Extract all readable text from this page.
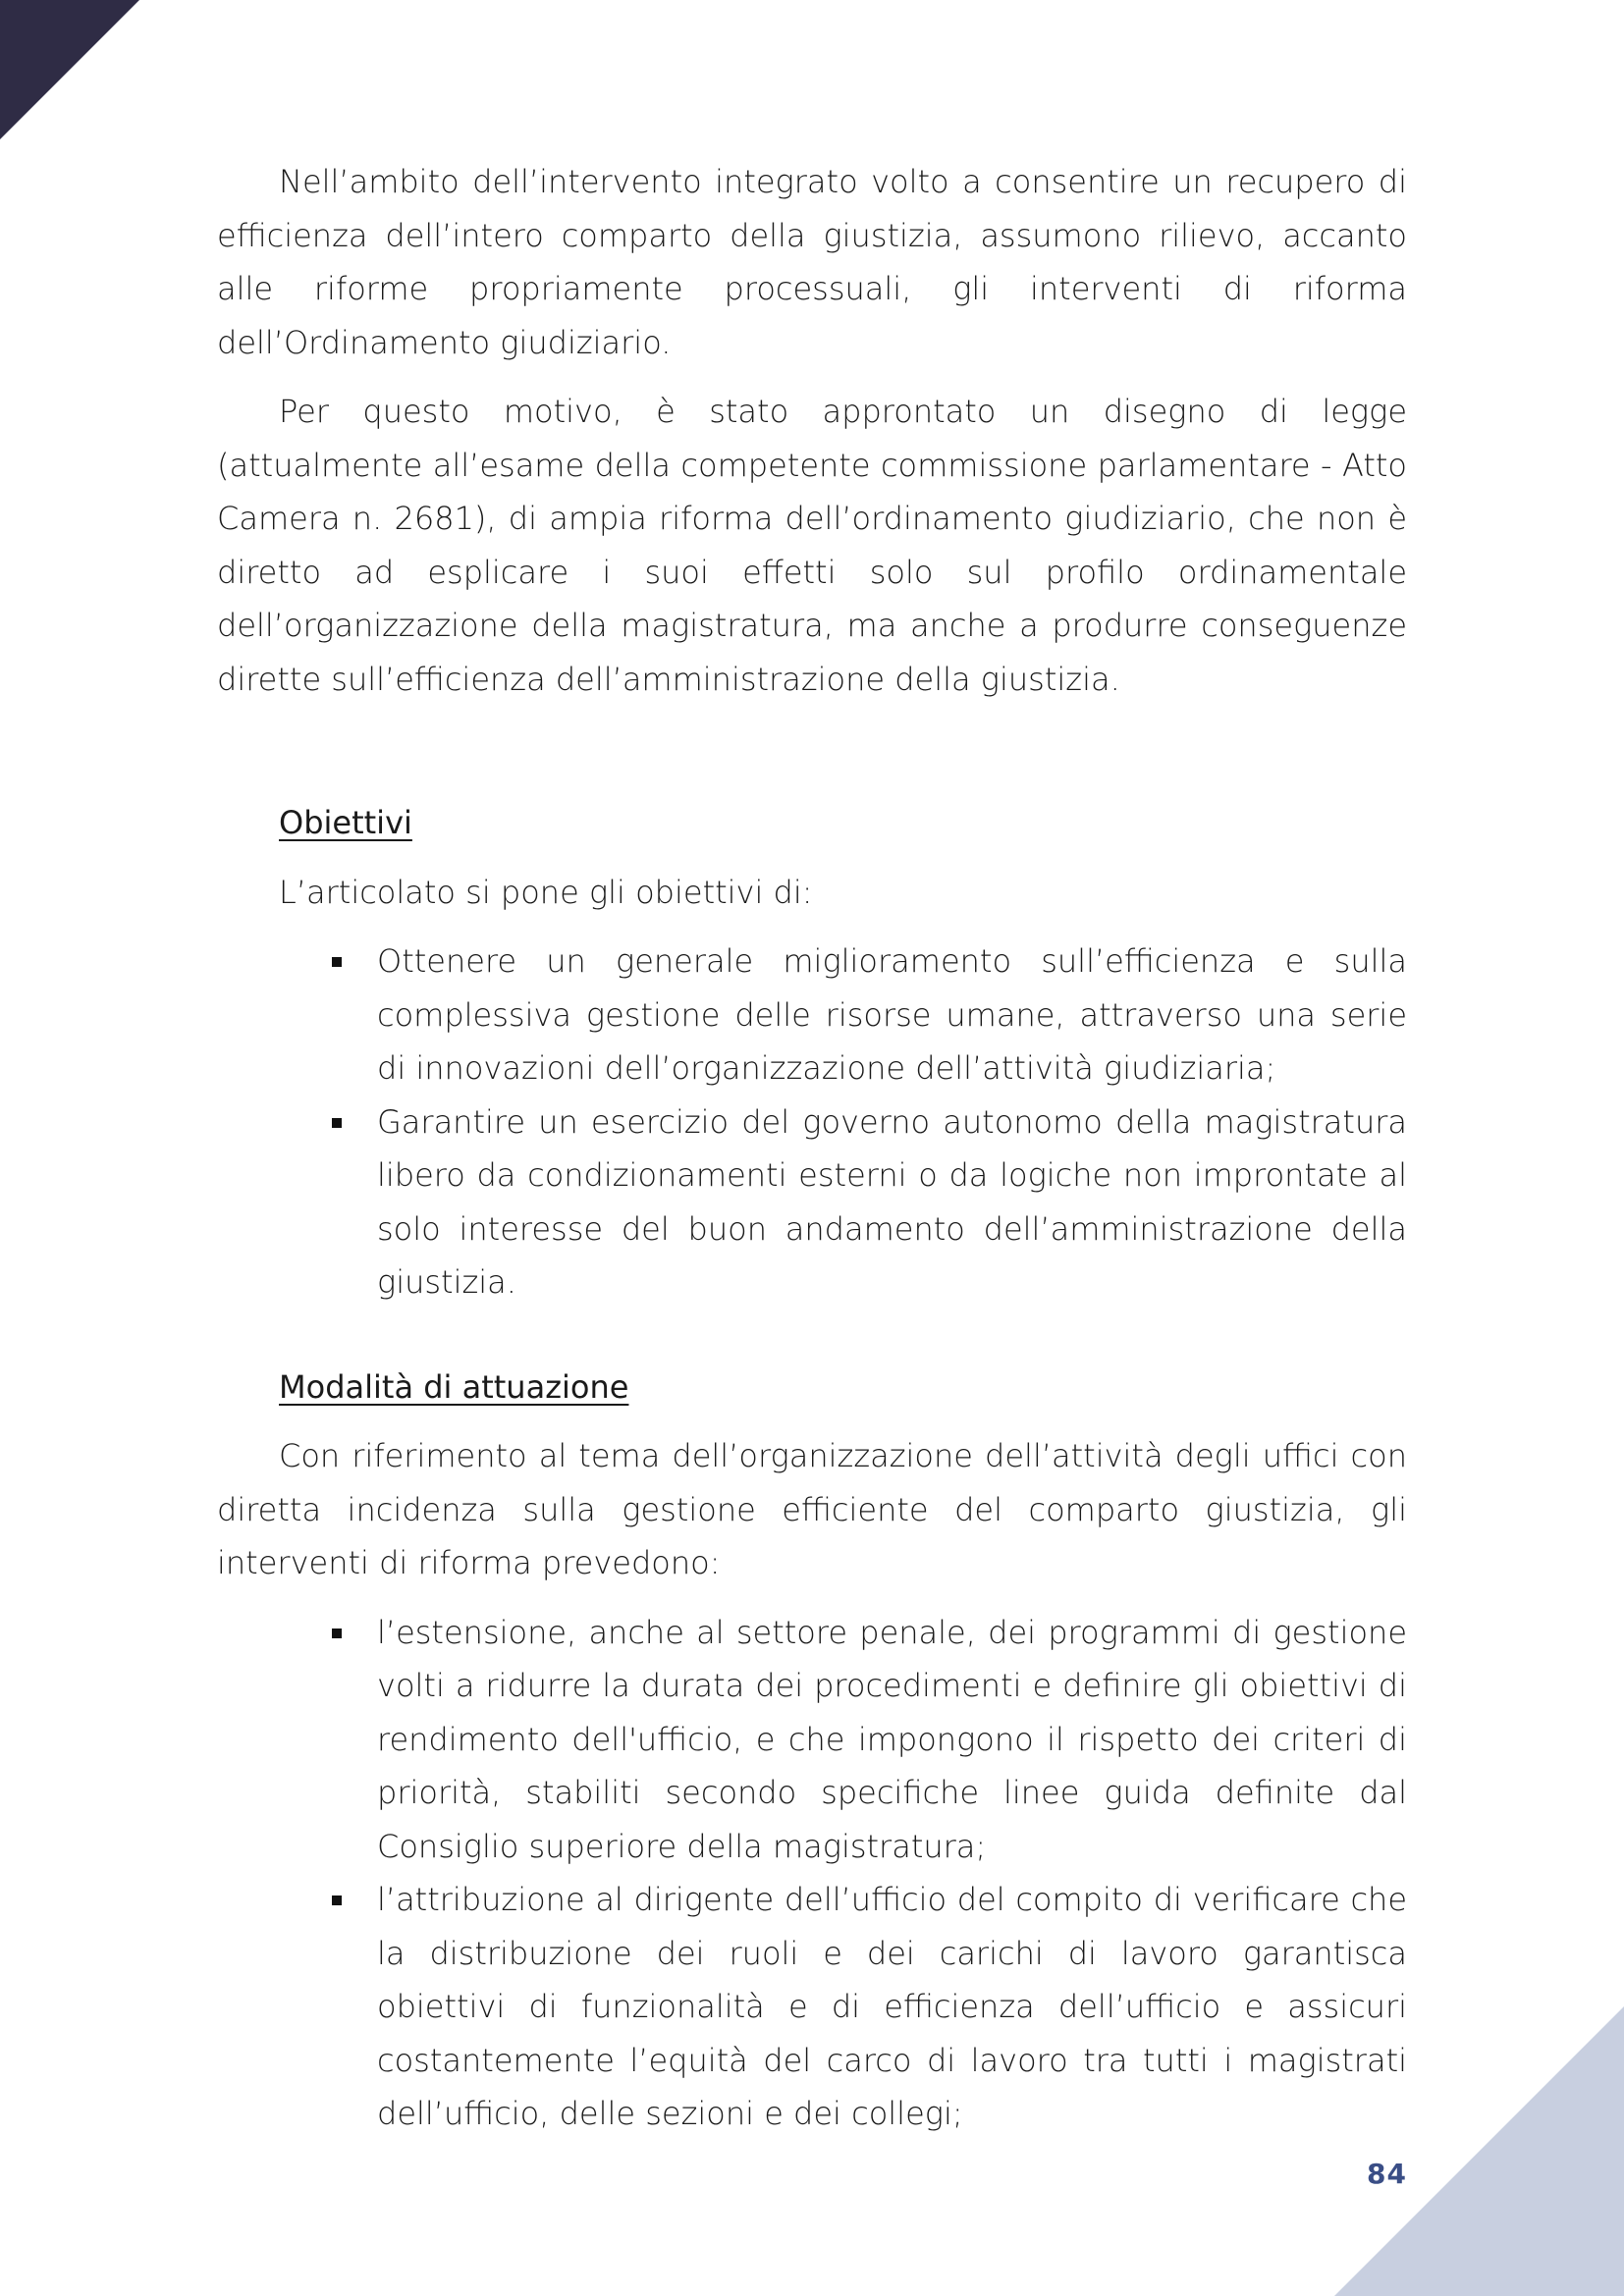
Nell’ambito dell’intervento integrato volto a consentire un recupero di efficienza dell’intero comparto della giustizia, assumono rilievo, accanto alle riforme propriamente processuali, gli interventi di riforma dell’Ordinamento giudiziario.

Per questo motivo, è stato approntato un disegno di legge (attualmente all’esame della competente commissione parlamentare - Atto Camera n. 2681), di ampia riforma dell’ordinamento giudiziario, che non è diretto ad esplicare i suoi effetti solo sul profilo ordinamentale dell’organizzazione della magistratura, ma anche a produrre conseguenze dirette sull’efficienza dell’amministrazione della giustizia.

Obiettivi
L’articolato si pone gli obiettivi di:
Ottenere un generale miglioramento sull’efficienza e sulla complessiva gestione delle risorse umane, attraverso una serie di innovazioni dell’organizzazione dell’attività giudiziaria;
Garantire un esercizio del governo autonomo della magistratura libero da condizionamenti esterni o da logiche non improntate al solo interesse del buon andamento dell’amministrazione della giustizia.
Modalità di attuazione

Con riferimento al tema dell’organizzazione dell’attività degli uffici con diretta incidenza sulla gestione efficiente del comparto giustizia, gli interventi di riforma prevedono:

l’estensione, anche al settore penale, dei programmi di gestione volti a ridurre la durata dei procedimenti e definire gli obiettivi di rendimento dell'ufficio, e che impongono il rispetto dei criteri di priorità, stabiliti secondo specifiche linee guida definite dal Consiglio superiore della magistratura;
l’attribuzione al dirigente dell’ufficio del compito di verificare che la distribuzione dei ruoli e dei carichi di lavoro garantisca obiettivi di funzionalità e di efficienza dell’ufficio e assicuri costantemente l’equità del carco di lavoro tra tutti i magistrati dell’ufficio, delle sezioni e dei collegi;
84
